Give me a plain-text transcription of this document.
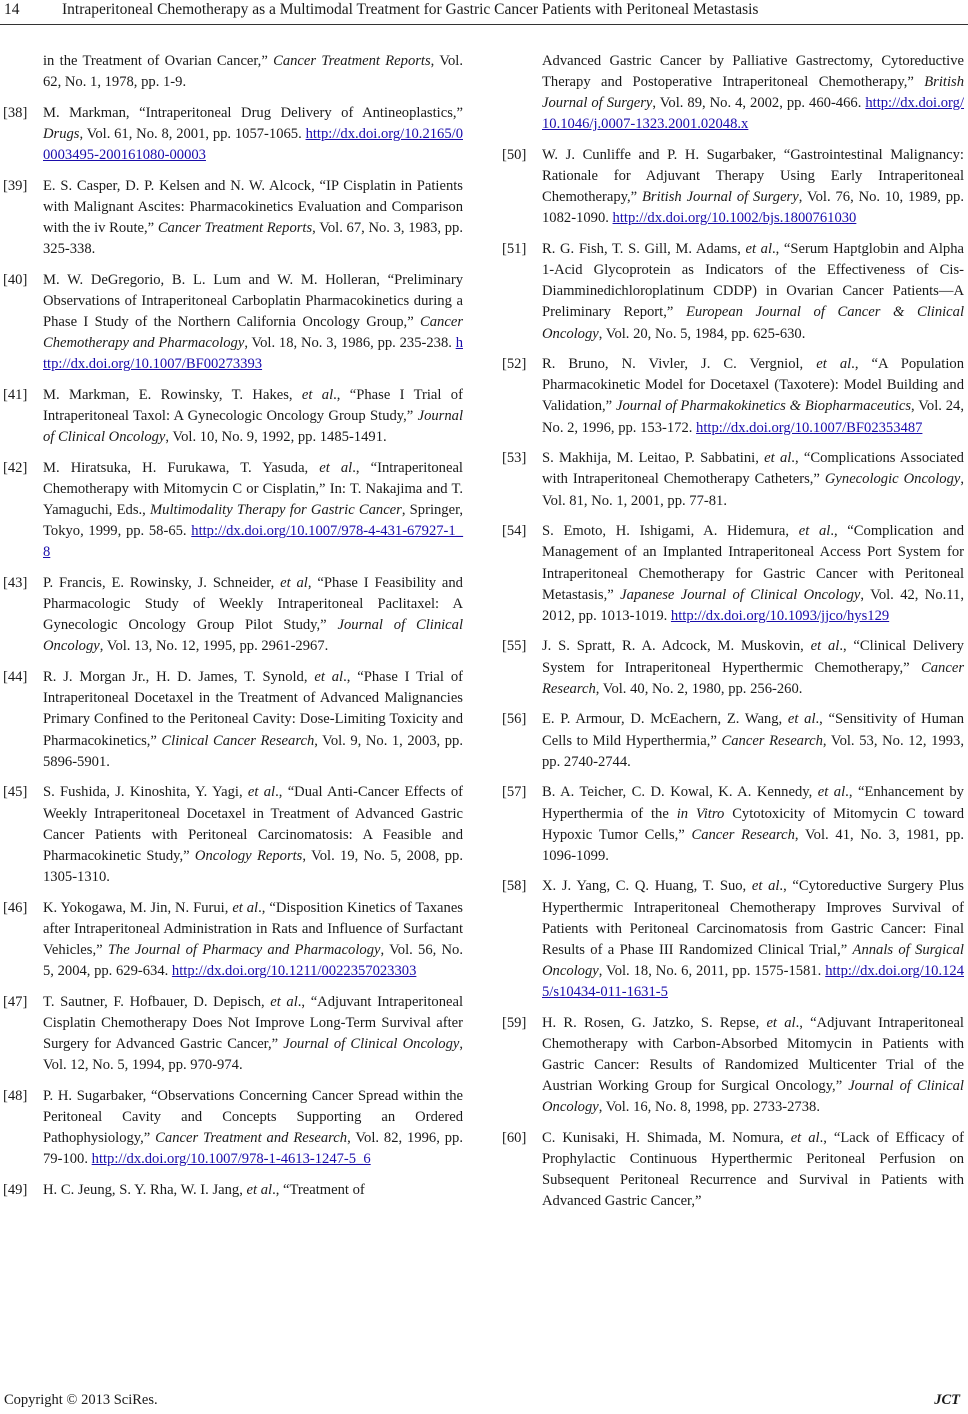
14	Intraperitoneal Chemotherapy as a Multimodal Treatment for Gastric Cancer Patients with Peritoneal Metastasis
in the Treatment of Ovarian Cancer,” Cancer Treatment Reports, Vol. 62, No. 1, 1978, pp. 1-9.
[38] M. Markman, “Intraperitoneal Drug Delivery of Antineoplastics,” Drugs, Vol. 61, No. 8, 2001, pp. 1057-1065. http://dx.doi.org/10.2165/00003495-200161080-00003
[39] E. S. Casper, D. P. Kelsen and N. W. Alcock, “IP Cisplatin in Patients with Malignant Ascites: Pharmacokinetics Evaluation and Comparison with the iv Route,” Cancer Treatment Reports, Vol. 67, No. 3, 1983, pp. 325-338.
[40] M. W. DeGregorio, B. L. Lum and W. M. Holleran, “Preliminary Observations of Intraperitoneal Carboplatin Pharmacokinetics during a Phase I Study of the Northern California Oncology Group,” Cancer Chemotherapy and Pharmacology, Vol. 18, No. 3, 1986, pp. 235-238. http://dx.doi.org/10.1007/BF00273393
[41] M. Markman, E. Rowinsky, T. Hakes, et al., “Phase I Trial of Intraperitoneal Taxol: A Gynecologic Oncology Group Study,” Journal of Clinical Oncology, Vol. 10, No. 9, 1992, pp. 1485-1491.
[42] M. Hiratsuka, H. Furukawa, T. Yasuda, et al., “Intraperitoneal Chemotherapy with Mitomycin C or Cisplatin,” In: T. Nakajima and T. Yamaguchi, Eds., Multimodality Therapy for Gastric Cancer, Springer, Tokyo, 1999, pp. 58-65. http://dx.doi.org/10.1007/978-4-431-67927-1_8
[43] P. Francis, E. Rowinsky, J. Schneider, et al, “Phase I Feasibility and Pharmacologic Study of Weekly Intraperitoneal Paclitaxel: A Gynecologic Oncology Group Pilot Study,” Journal of Clinical Oncology, Vol. 13, No. 12, 1995, pp. 2961-2967.
[44] R. J. Morgan Jr., H. D. James, T. Synold, et al., “Phase I Trial of Intraperitoneal Docetaxel in the Treatment of Advanced Malignancies Primary Confined to the Peritoneal Cavity: Dose-Limiting Toxicity and Pharmacokinetics,” Clinical Cancer Research, Vol. 9, No. 1, 2003, pp. 5896-5901.
[45] S. Fushida, J. Kinoshita, Y. Yagi, et al., “Dual Anti-Cancer Effects of Weekly Intraperitoneal Docetaxel in Treatment of Advanced Gastric Cancer Patients with Peritoneal Carcinomatosis: A Feasible and Pharmacokinetic Study,” Oncology Reports, Vol. 19, No. 5, 2008, pp. 1305-1310.
[46] K. Yokogawa, M. Jin, N. Furui, et al., “Disposition Kinetics of Taxanes after Intraperitoneal Administration in Rats and Influence of Surfactant Vehicles,” The Journal of Pharmacy and Pharmacology, Vol. 56, No. 5, 2004, pp. 629-634. http://dx.doi.org/10.1211/0022357023303
[47] T. Sautner, F. Hofbauer, D. Depisch, et al., “Adjuvant Intraperitoneal Cisplatin Chemotherapy Does Not Improve Long-Term Survival after Surgery for Advanced Gastric Cancer,” Journal of Clinical Oncology, Vol. 12, No. 5, 1994, pp. 970-974.
[48] P. H. Sugarbaker, “Observations Concerning Cancer Spread within the Peritoneal Cavity and Concepts Supporting an Ordered Pathophysiology,” Cancer Treatment and Research, Vol. 82, 1996, pp. 79-100. http://dx.doi.org/10.1007/978-1-4613-1247-5_6
[49] H. C. Jeung, S. Y. Rha, W. I. Jang, et al., “Treatment of
Advanced Gastric Cancer by Palliative Gastrectomy, Cytoreductive Therapy and Postoperative Intraperitoneal Chemotherapy,” British Journal of Surgery, Vol. 89, No. 4, 2002, pp. 460-466. http://dx.doi.org/10.1046/j.0007-1323.2001.02048.x
[50] W. J. Cunliffe and P. H. Sugarbaker, “Gastrointestinal Malignancy: Rationale for Adjuvant Therapy Using Early Intraperitoneal Chemotherapy,” British Journal of Surgery, Vol. 76, No. 10, 1989, pp. 1082-1090. http://dx.doi.org/10.1002/bjs.1800761030
[51] R. G. Fish, T. S. Gill, M. Adams, et al., “Serum Haptglobin and Alpha 1-Acid Glycoprotein as Indicators of the Effectiveness of Cis-Diamminedichloroplatinum CDDP) in Ovarian Cancer Patients—A Preliminary Report,” European Journal of Cancer & Clinical Oncology, Vol. 20, No. 5, 1984, pp. 625-630.
[52] R. Bruno, N. Vivler, J. C. Vergniol, et al., “A Population Pharmacokinetic Model for Docetaxel (Taxotere): Model Building and Validation,” Journal of Pharmakokinetics & Biopharmaceutics, Vol. 24, No. 2, 1996, pp. 153-172. http://dx.doi.org/10.1007/BF02353487
[53] S. Makhija, M. Leitao, P. Sabbatini, et al., “Complications Associated with Intraperitoneal Chemotherapy Catheters,” Gynecologic Oncology, Vol. 81, No. 1, 2001, pp. 77-81.
[54] S. Emoto, H. Ishigami, A. Hidemura, et al., “Complication and Management of an Implanted Intraperitoneal Access Port System for Intraperitoneal Chemotherapy for Gastric Cancer with Peritoneal Metastasis,” Japanese Journal of Clinical Oncology, Vol. 42, No.11, 2012, pp. 1013-1019. http://dx.doi.org/10.1093/jjco/hys129
[55] J. S. Spratt, R. A. Adcock, M. Muskovin, et al., “Clinical Delivery System for Intraperitoneal Hyperthermic Chemotherapy,” Cancer Research, Vol. 40, No. 2, 1980, pp. 256-260.
[56] E. P. Armour, D. McEachern, Z. Wang, et al., “Sensitivity of Human Cells to Mild Hyperthermia,” Cancer Research, Vol. 53, No. 12, 1993, pp. 2740-2744.
[57] B. A. Teicher, C. D. Kowal, K. A. Kennedy, et al., “Enhancement by Hyperthermia of the in Vitro Cytotoxicity of Mitomycin C toward Hypoxic Tumor Cells,” Cancer Research, Vol. 41, No. 3, 1981, pp. 1096-1099.
[58] X. J. Yang, C. Q. Huang, T. Suo, et al., “Cytoreductive Surgery Plus Hyperthermic Intraperitoneal Chemotherapy Improves Survival of Patients with Peritoneal Carcinomatosis from Gastric Cancer: Final Results of a Phase III Randomized Clinical Trial,” Annals of Surgical Oncology, Vol. 18, No. 6, 2011, pp. 1575-1581. http://dx.doi.org/10.1245/s10434-011-1631-5
[59] H. R. Rosen, G. Jatzko, S. Repse, et al., “Adjuvant Intraperitoneal Chemotherapy with Carbon-Absorbed Mitomycin in Patients with Gastric Cancer: Results of Randomized Multicenter Trial of the Austrian Working Group for Surgical Oncology,” Journal of Clinical Oncology, Vol. 16, No. 8, 1998, pp. 2733-2738.
[60] C. Kunisaki, H. Shimada, M. Nomura, et al., “Lack of Efficacy of Prophylactic Continuous Hyperthermic Peritoneal Perfusion on Subsequent Peritoneal Recurrence and Survival in Patients with Advanced Gastric Cancer,”
Copyright © 2013 SciRes.	JCT
